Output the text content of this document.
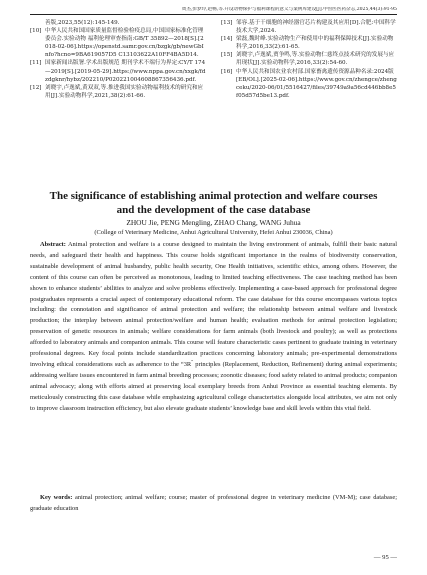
周杰,彭梦玲,赵畅,等.开设动物保护与福利课程的意义与案例库建设[J].中兽医医药杂志,2025,44(3):91-95

善版,2023,55(12):145-149.

[10] 中华人民共和国国家质量监督检验检疫总局,中国国家标准化管理委员会.实验动物 福利伦理审查指南:GB/T 35892—2018[S].[2018-02-06].https://openstd.samr.gov.cn/bzgk/gb/newGbInfo?hcno=9BA619057D5 C13103622A10FF4BA5D14.

[11] 国家新闻出版署.学术出版规范 期刊学术不端行为界定:CY/T 174—2019[S].[2019-05-29].https://www.nppa.gov.cn/xxgk/fdzdgknr/hybz/202210/P020221004608867356436.pdf.

[12] 刘晓宇,卢逸斌,黄双双,等.推进我国实验动物福利技术的研究和应用[J].实验动物科学,2021,38(2):61-66.

[13] 邹容.基于干细胞的神经器官芯片构建及其应用[D].合肥:中国科学技术大学,2024.

[14] 梁磊,魏时峰.实验动物生产和使用中的福利保障技术[J].实验动物科学,2016,33(2):61-65.

[15] 刘晓宇,卢逸斌,贾争鸣,等.实验动物仁慈终点技术研究的发展与应用现状[J].实验动物科学,2016,33(2):54-60.

[16] 中华人民共和国农业农村部.国家畜禽遗传资源品种名录:2024版[EB/OL].[2025-02-06].https://www.gov.cn/zhengce/zhengceku/2020-06/01/5516427/files/39749a9a56cd446bb8e5f05d57d5be13.pdf.

The significance of establishing animal protection and welfare courses and the development of the case database
ZHOU Jie, PENG Mengling, ZHAO Chang, WANG Juhua
(College of Veterinary Medicine, Anhui Agricultural University, Hefei Anhui 230036, China)

Abstract: Animal protection and welfare is a course designed to maintain the living environment of animals, fulfill their basic natural needs, and safeguard their health and happiness. This course holds significant importance in the realms of biodiversity conservation, sustainable development of animal husbandry, public health security, One Health initiatives, scientific ethics, among others. However, the content of this course can often be perceived as monotonous, leading to limited teaching effectiveness. The case teaching method has been shown to enhance students’ abilities to analyze and solve problems effectively. Implementing a case-based approach for professional degree postgraduates represents a crucial aspect of contemporary educational reform. The case database for this course encompasses various topics including: the connotation and significance of animal protection and welfare; the relationship between animal welfare and livestock production; the interplay between animal protection/welfare and human health; evaluation methods for animal protection legislation; preservation of genetic resources in animals; welfare considerations for farm animals (both livestock and poultry); as well as protections afforded to laboratory animals and companion animals. This course will feature characteristic cases pertinent to graduate training in veterinary professional degrees. Key focal points include standardization practices concerning laboratory animals; pre-experimental demonstrations involving ethical considerations such as adherence to the “3R” principles (Replacement, Reduction, Refinement) during animal experiments; addressing welfare issues encountered in farm animal breeding processes; zoonotic diseases; food safety related to animal products; companion animal advocacy; along with efforts aimed at preserving local exemplary breeds from Anhui Province as essential teaching elements. By meticulously constructing this case database while emphasizing agricultural college characteristics alongside local attributes, we aim not only to improve classroom instruction efficiency, but also elevate graduate students’ knowledge base and skill levels within this vital field.

Key words: animal protection; animal welfare; course; master of professional degree in veterinary medicine (VM-M); case database; graduate education
— 95 —
